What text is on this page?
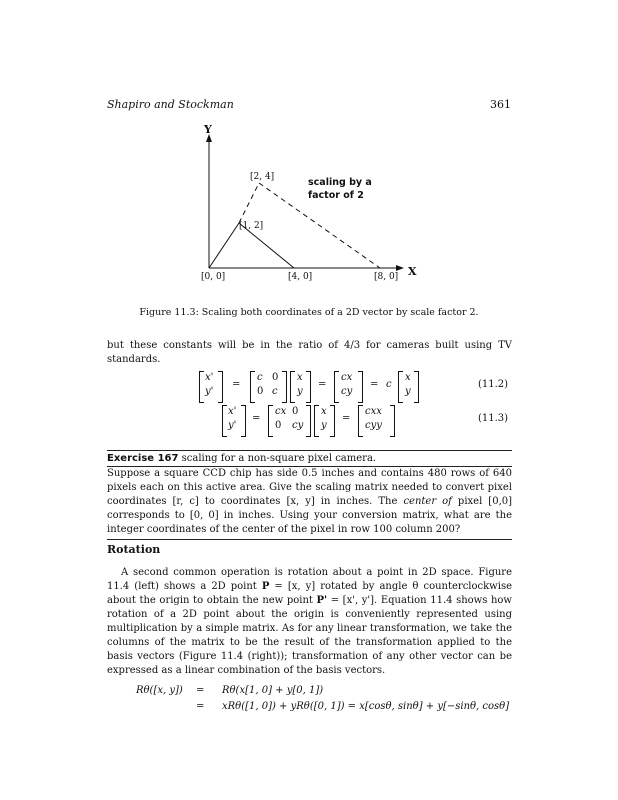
Shapiro and Stockman	361
Y
X
[2, 4]
[1, 2]
[0, 0]	[4, 0]	[8, 0]
scaling by a
factor of 2
Figure 11.3: Scaling both coordinates of a 2D vector by scale factor 2.
but these constants will be in the ratio of 4/3 for cameras built using TV standards.
x'
y'
=
c 0
0 c
x
y
=
cx
cy
= c
x
y
(11.2)
x'
y'
=
cx 0
0 cy
x
y
=
cxx
cyy
(11.3)
Exercise 167 scaling for a non-square pixel camera.
Suppose a square CCD chip has side 0.5 inches and contains 480 rows of 640 pixels each on this active area. Give the scaling matrix needed to convert pixel coordinates [r, c] to coordinates [x, y] in inches. The center of pixel [0,0] corresponds to [0, 0] in inches. Using your conversion matrix, what are the integer coordinates of the center of the pixel in row 100 column 200?
Rotation
A second common operation is rotation about a point in 2D space. Figure 11.4 (left) shows a 2D point P = [x, y] rotated by angle θ counterclockwise about the origin to obtain the new point P' = [x', y']. Equation 11.4 shows how rotation of a 2D point about the origin is conveniently represented using multiplication by a simple matrix. As for any linear transformation, we take the columns of the matrix to be the result of the transformation applied to the basis vectors (Figure 11.4 (right)); transformation of any other vector can be expressed as a linear combination of the basis vectors.
Rθ([x, y]) = Rθ(x[1, 0] + y[0, 1])
= xRθ([1, 0]) + yRθ([0, 1]) = x[cosθ, sinθ] + y[−sinθ, cosθ]
